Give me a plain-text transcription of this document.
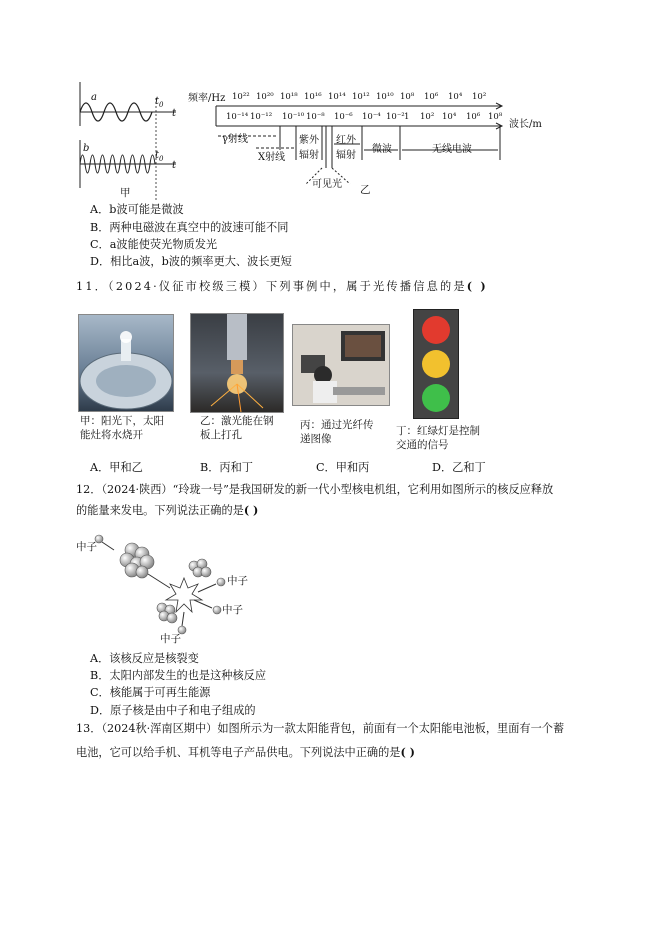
a
b
$t_0$
t
$t_0$
t
甲
频率/Hz 10²² 10²⁰ 10¹⁸ 10¹⁶ 10¹⁴ 10¹² 10¹⁰ 10⁸ 10⁶ 10⁴ 10²
10⁻¹⁴ 10⁻¹² 10⁻¹⁰ 10⁻⁸ 10⁻⁶ 10⁻⁴ 10⁻² 1 10² 10⁴ 10⁶ 10⁸
波长/m
γ射线
X射线
紫外
辐射
红外
辐射
微波	无线电波
可见光 乙
A．b波可能是微波
B．两种电磁波在真空中的波速可能不同
C．a波能使荧光物质发光
D．相比a波，b波的频率更大、波长更短
11．（2024·仪征市校级三模）下列事例中，属于光传播信息的是( )
甲：阳光下，太阳能灶将水烧开
乙：激光能在钢板上打孔
丙：通过光纤传递图像
丁：红绿灯是控制交通的信号
A．甲和乙	B．丙和丁	C．甲和丙	D．乙和丁
12．（2024·陕西）“玲珑一号”是我国研发的新一代小型核电机组，它利用如图所示的核反应释放
的能量来发电。下列说法正确的是( )
中子
中子
中子
中子
A．该核反应是核裂变
B．太阳内部发生的也是这种核反应
C．核能属于可再生能源
D．原子核是由中子和电子组成的
13．（2024秋·浑南区期中）如图所示为一款太阳能背包，前面有一个太阳能电池板，里面有一个蓄
电池，它可以给手机、耳机等电子产品供电。下列说法中正确的是( )
